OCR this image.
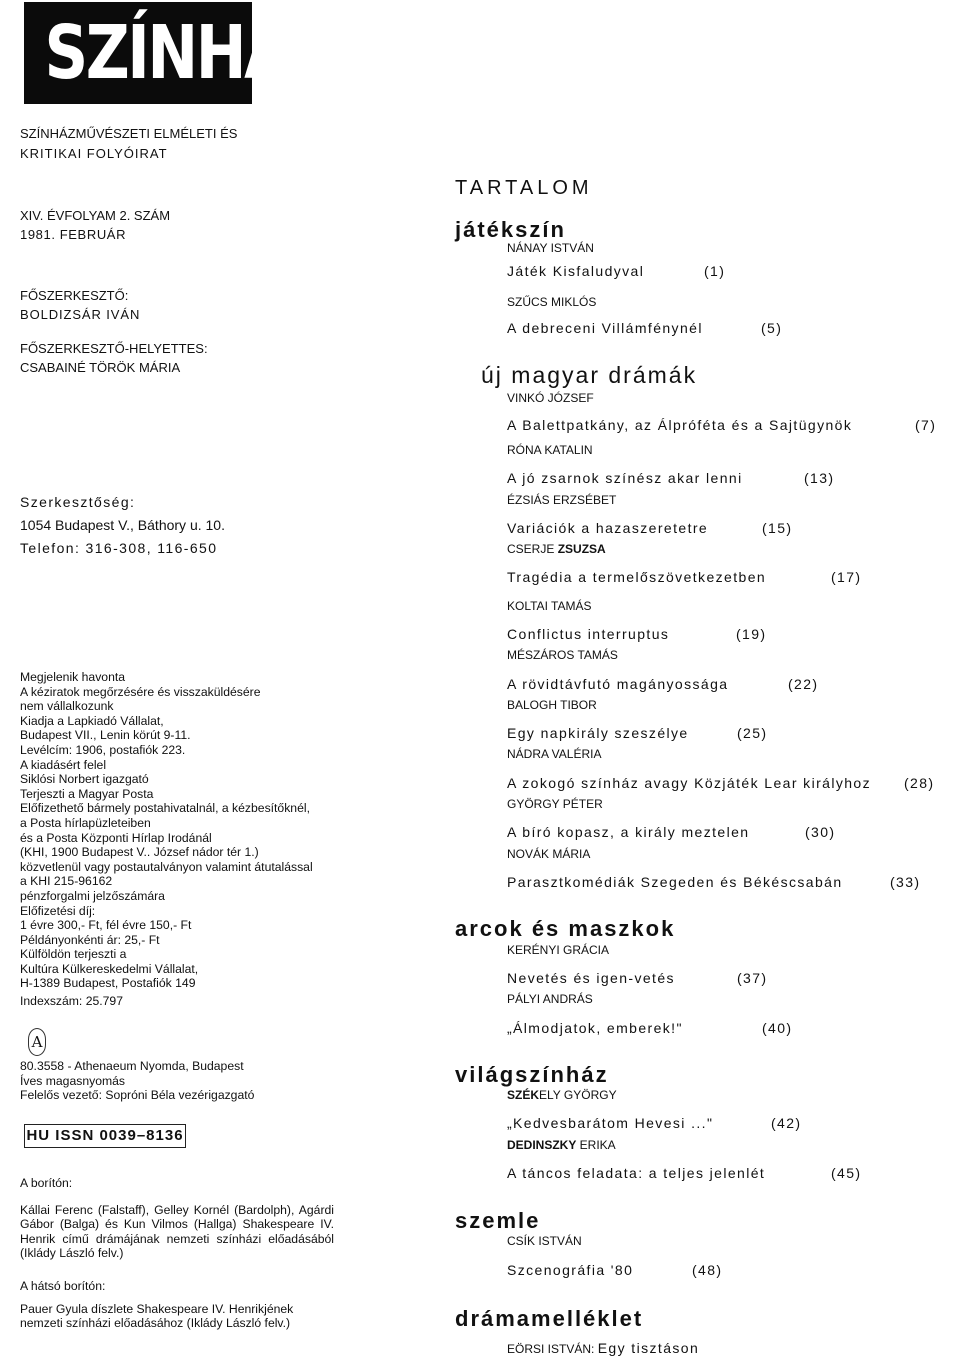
SZÍNHÁZ
SZÍNHÁZMŰVÉSZETI ELMÉLETI ÉS
KRITIKAI FOLYÓIRAT
XIV. ÉVFOLYAM 2. SZÁM
1981. FEBRUÁR
FŐSZERKESZTŐ:
BOLDIZSÁR IVÁN
FŐSZERKESZTŐ-HELYETTES:
CSABAINÉ TÖRÖK MÁRIA
Szerkesztőség:
1054 Budapest V., Báthory u. 10.
Telefon: 316-308, 116-650
Megjelenik havonta
A kéziratok megőrzésére és visszaküldésére
nem vállalkozunk
Kiadja a Lapkiadó Vállalat,
Budapest VII., Lenin körút 9-11.
Levélcím: 1906, postafiók 223.
A kiadásért felel
Siklósi Norbert igazgató
Terjeszti a Magyar Posta
Előfizethető bármely postahivatalnál, a kézbesítőknél,
a Posta hírlapüzleteiben
és a Posta Központi Hírlap Irodánál
(KHI, 1900 Budapest V.. József nádor tér 1.)
közvetlenül vagy postautalványon valamint átutalással
a KHI 215-96162
pénzforgalmi jelzőszámára
Előfizetési díj:
1 évre 300,- Ft, fél évre 150,- Ft
Példányonkénti ár: 25,- Ft
Külföldön terjeszti a
Kultúra Külkereskedelmi Vállalat,
H-1389 Budapest, Postafiók 149
Indexszám: 25.797
A
80.3558 - Athenaeum Nyomda, Budapest
Íves magasnyomás
Felelős vezető: Sopróni Béla vezérigazgató
HU ISSN 0039–8136
A borítón:
Kállai Ferenc (Falstaff), Gelley Kornél (Bardolph), Agárdi Gábor (Balga) és Kun Vilmos (Hallga) Shakespeare IV. Henrik című drámájának nemzeti színházi előadásából (Iklády László felv.)
A hátsó borítón:
Pauer Gyula díszlete Shakespeare IV. Henrikjének
nemzeti színházi előadásához (Iklády László felv.)
TARTALOM
játékszín
NÁNAY ISTVÁN
Játék Kisfaludyval	(1)
SZŰCS MIKLÓS
A debreceni Villámfénynél	(5)
új magyar drámák
VINKÓ JÓZSEF
A Balettpatkány, az Álpróféta és a Sajtügynök	(7)
RÓNA KATALIN
A jó zsarnok színész akar lenni	(13)
ÉZSIÁS ERZSÉBET
Variációk a hazaszeretetre	(15)
CSERJE ZSUZSA
Tragédia a termelőszövetkezetben	(17)
KOLTAI TAMÁS
Conflictus interruptus	(19)
MÉSZÁROS TAMÁS
A rövidtávfutó magányossága	(22)
BALOGH TIBOR
Egy napkirály szeszélye	(25)
NÁDRA VALÉRIA
A zokogó színház avagy Közjáték Lear királyhoz (28)
GYÖRGY PÉTER
A bíró kopasz, a király meztelen	(30)
NOVÁK MÁRIA
Parasztkomédiák Szegeden és Békéscsabán	(33)
arcok és maszkok
KERÉNYI GRÁCIA
Nevetés és igen-vetés	(37)
PÁLYI ANDRÁS
„Álmodjatok, emberek!"	(40)
világszínház
SZÉKELY GYÖRGY
„Kedvesbarátom Hevesi ..."	(42)
DEDINSZKY ERIKA
A táncos feladata: a teljes jelenlét	(45)
szemle
CSÍK ISTVÁN
Szcenográfia '80	(48)
drámamelléklet
EÖRSI ISTVÁN: Egy tisztáson
